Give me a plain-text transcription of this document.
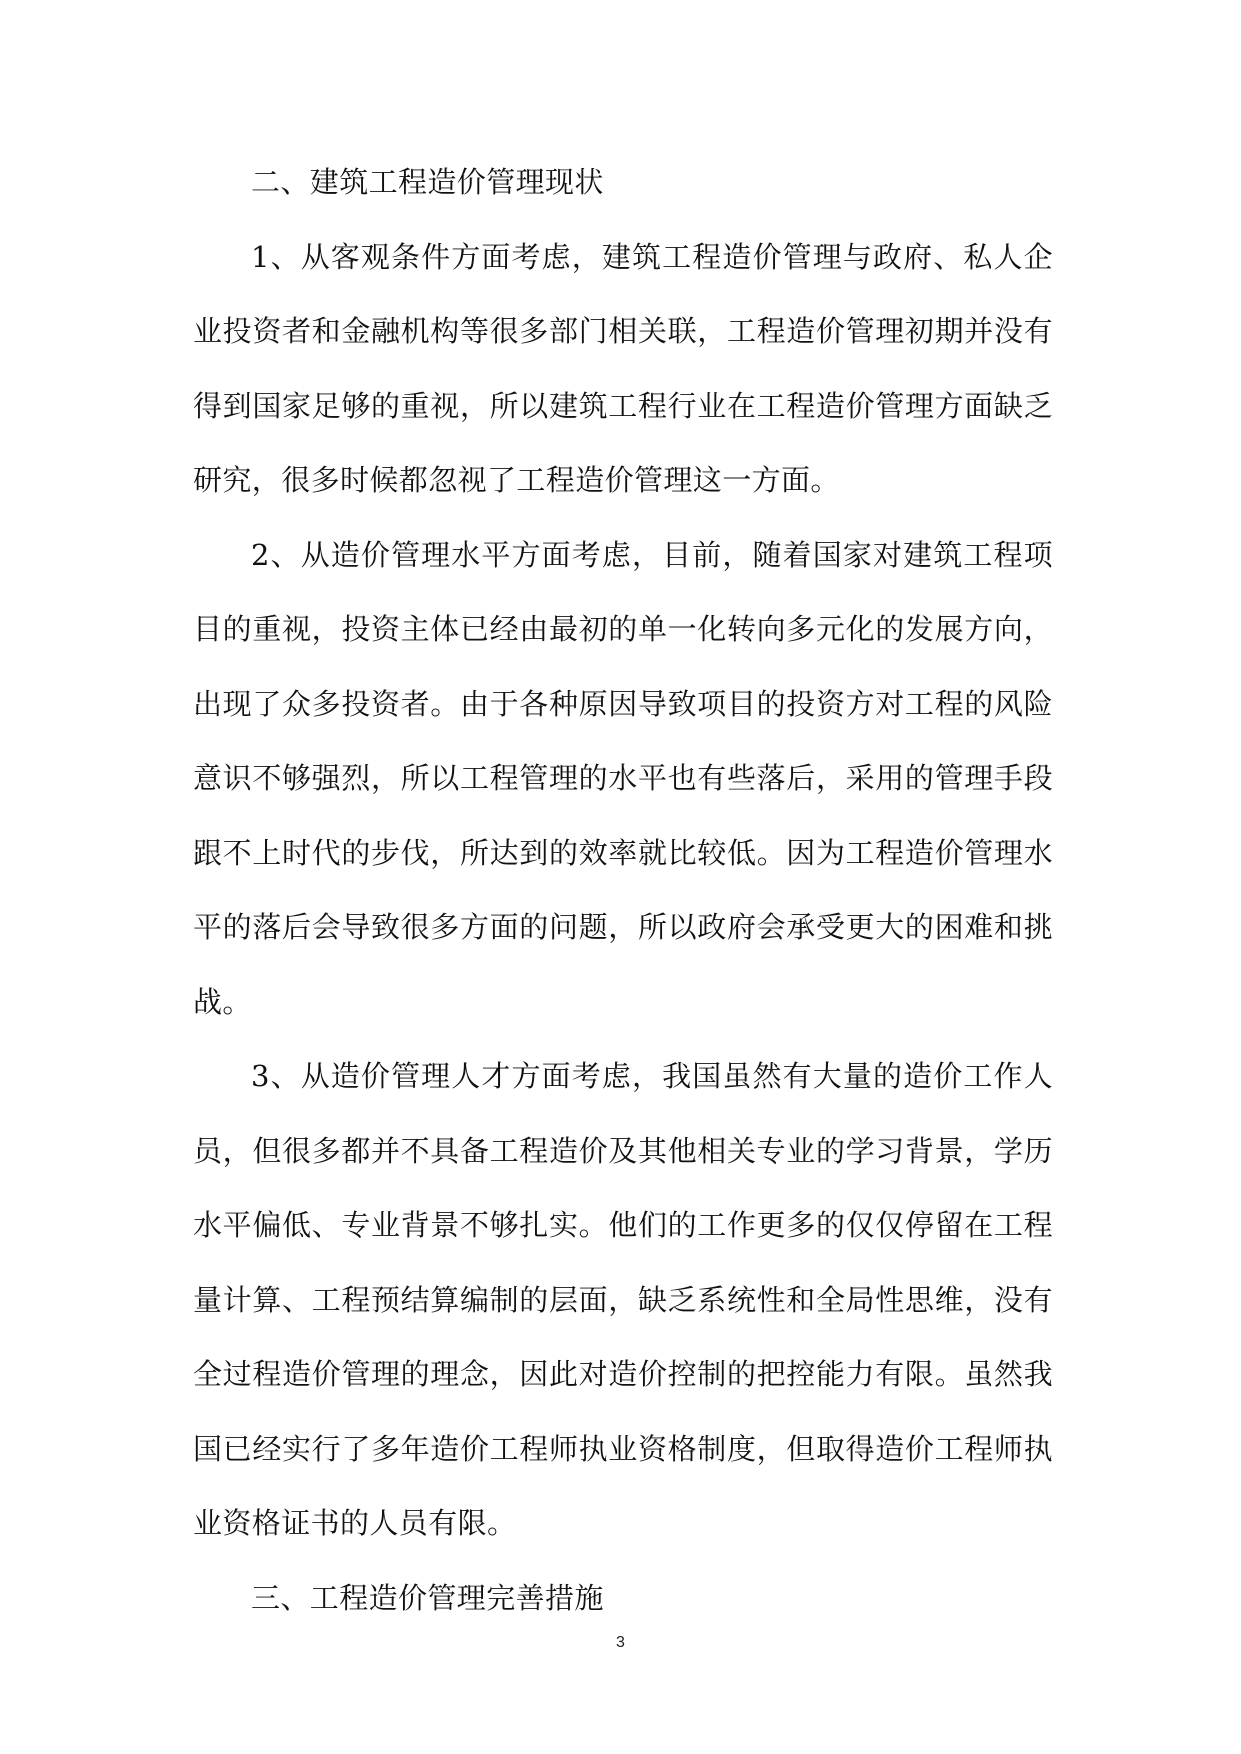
二、建筑工程造价管理现状

1、从客观条件方面考虑，建筑工程造价管理与政府、私人企业投资者和金融机构等很多部门相关联，工程造价管理初期并没有得到国家足够的重视，所以建筑工程行业在工程造价管理方面缺乏研究，很多时候都忽视了工程造价管理这一方面。

2、从造价管理水平方面考虑，目前，随着国家对建筑工程项目的重视，投资主体已经由最初的单一化转向多元化的发展方向，出现了众多投资者。由于各种原因导致项目的投资方对工程的风险意识不够强烈，所以工程管理的水平也有些落后，采用的管理手段跟不上时代的步伐，所达到的效率就比较低。因为工程造价管理水平的落后会导致很多方面的问题，所以政府会承受更大的困难和挑战。

3、从造价管理人才方面考虑，我国虽然有大量的造价工作人员，但很多都并不具备工程造价及其他相关专业的学习背景，学历水平偏低、专业背景不够扎实。他们的工作更多的仅仅停留在工程量计算、工程预结算编制的层面，缺乏系统性和全局性思维，没有全过程造价管理的理念，因此对造价控制的把控能力有限。虽然我国已经实行了多年造价工程师执业资格制度，但取得造价工程师执业资格证书的人员有限。

三、工程造价管理完善措施

3
